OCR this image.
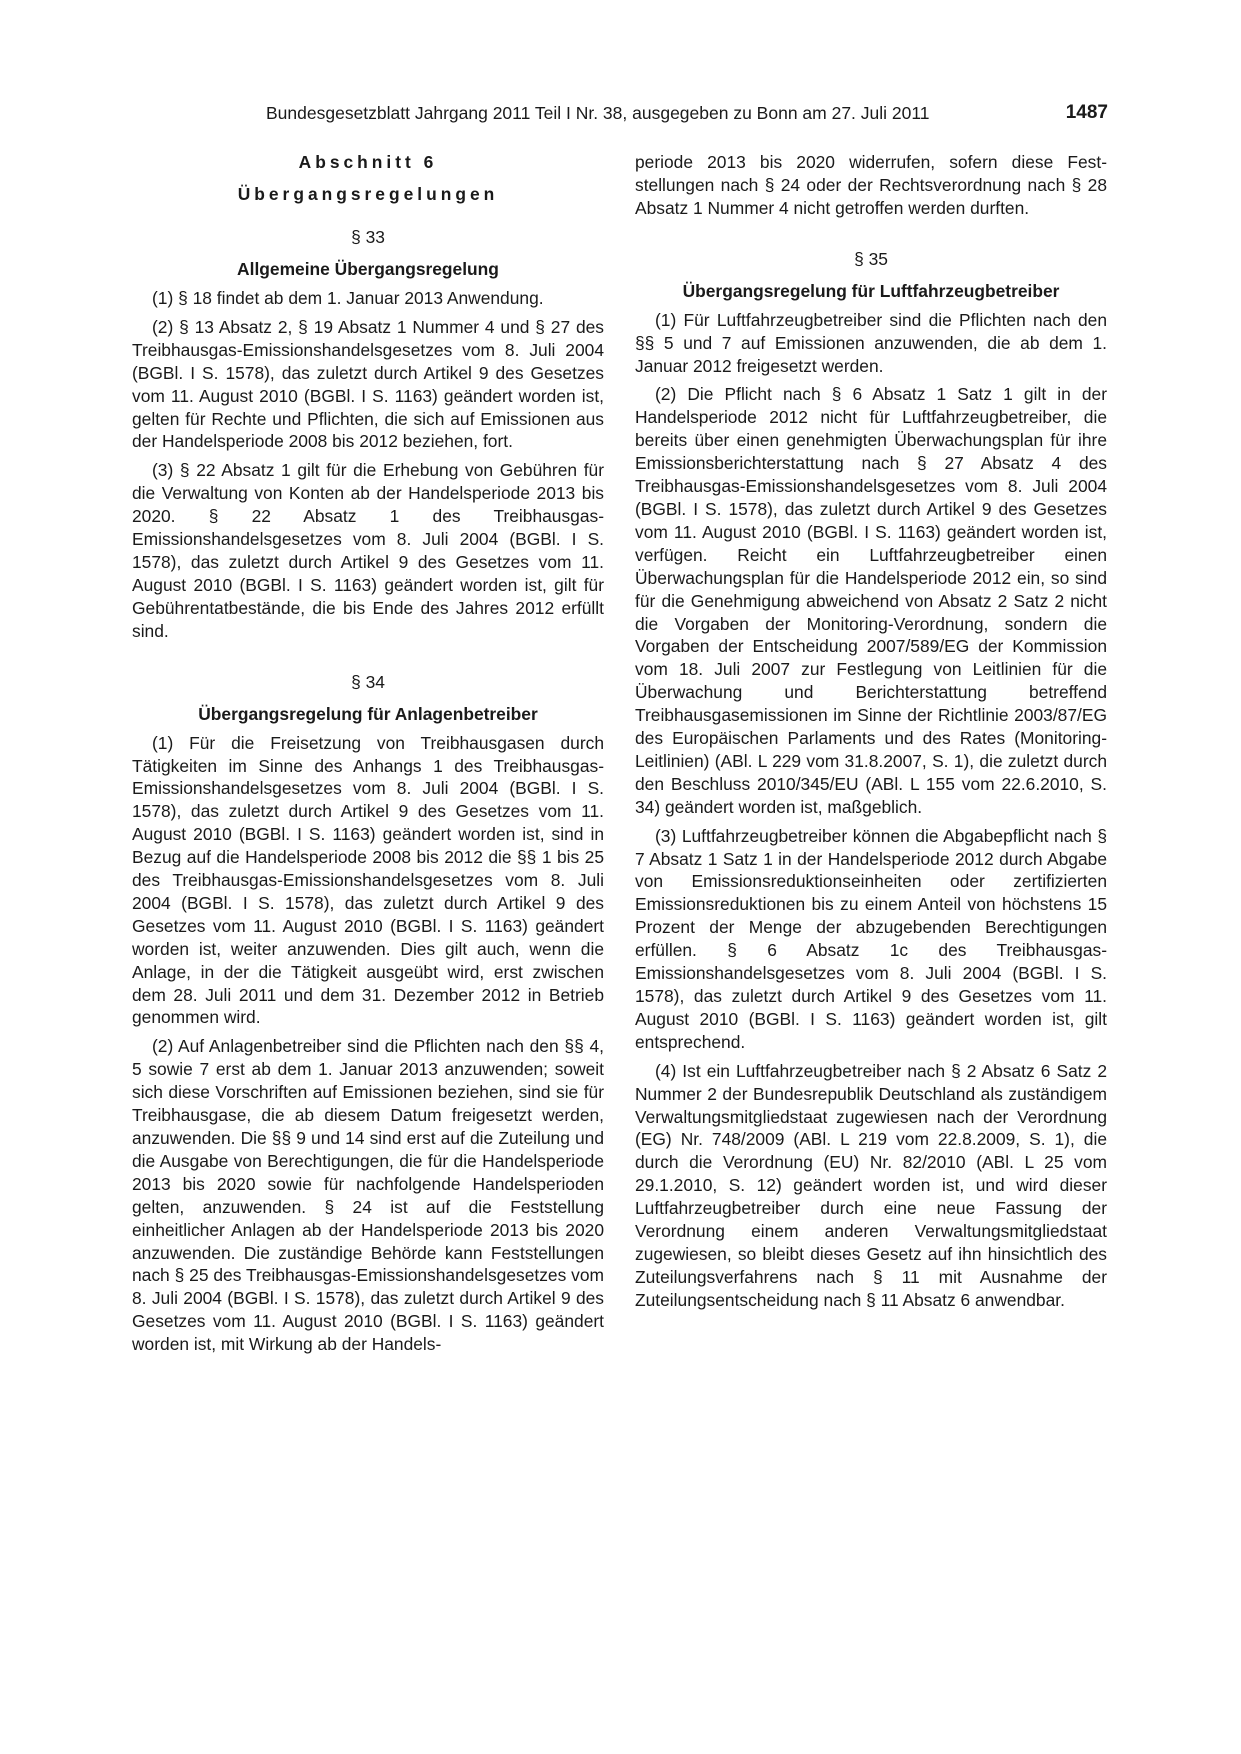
Bundesgesetzblatt Jahrgang 2011 Teil I Nr. 38, ausgegeben zu Bonn am 27. Juli 2011	1487
Abschnitt 6
Übergangsregelungen
§ 33
Allgemeine Übergangsregelung

(1) § 18 findet ab dem 1. Januar 2013 Anwendung.

(2) § 13 Absatz 2, § 19 Absatz 1 Nummer 4 und § 27 des Treibhausgas-Emissionshandelsgesetzes vom 8. Juli 2004 (BGBl. I S. 1578), das zuletzt durch Artikel 9 des Gesetzes vom 11. August 2010 (BGBl. I S. 1163) geändert worden ist, gelten für Rechte und Pflichten, die sich auf Emissionen aus der Handelsperiode 2008 bis 2012 beziehen, fort.

(3) § 22 Absatz 1 gilt für die Erhebung von Gebühren für die Verwaltung von Konten ab der Handelsperiode 2013 bis 2020. § 22 Absatz 1 des Treibhausgas-Emissionshandelsgesetzes vom 8. Juli 2004 (BGBl. I S. 1578), das zuletzt durch Artikel 9 des Gesetzes vom 11. August 2010 (BGBl. I S. 1163) geändert worden ist, gilt für Gebührentatbestände, die bis Ende des Jahres 2012 erfüllt sind.

§ 34
Übergangsregelung für Anlagenbetreiber

(1) Für die Freisetzung von Treibhausgasen durch Tätigkeiten im Sinne des Anhangs 1 des Treibhausgas-Emissionshandelsgesetzes vom 8. Juli 2004 (BGBl. I S. 1578), das zuletzt durch Artikel 9 des Gesetzes vom 11. August 2010 (BGBl. I S. 1163) geändert worden ist, sind in Bezug auf die Handelsperiode 2008 bis 2012 die §§ 1 bis 25 des Treibhausgas-Emissionshandelsgesetzes vom 8. Juli 2004 (BGBl. I S. 1578), das zuletzt durch Artikel 9 des Gesetzes vom 11. August 2010 (BGBl. I S. 1163) geändert worden ist, weiter anzuwenden. Dies gilt auch, wenn die Anlage, in der die Tätigkeit ausgeübt wird, erst zwischen dem 28. Juli 2011 und dem 31. Dezember 2012 in Betrieb genommen wird.

(2) Auf Anlagenbetreiber sind die Pflichten nach den §§ 4, 5 sowie 7 erst ab dem 1. Januar 2013 anzuwenden; soweit sich diese Vorschriften auf Emissionen beziehen, sind sie für Treibhausgase, die ab diesem Datum freigesetzt werden, anzuwenden. Die §§ 9 und 14 sind erst auf die Zuteilung und die Ausgabe von Berechtigungen, die für die Handelsperiode 2013 bis 2020 sowie für nachfolgende Handelsperioden gelten, anzuwenden. § 24 ist auf die Feststellung einheitlicher Anlagen ab der Handelsperiode 2013 bis 2020 anzuwenden. Die zuständige Behörde kann Feststellungen nach § 25 des Treibhausgas-Emissionshandelsgesetzes vom 8. Juli 2004 (BGBl. I S. 1578), das zuletzt durch Artikel 9 des Gesetzes vom 11. August 2010 (BGBl. I S. 1163) geändert worden ist, mit Wirkung ab der Handels-

periode 2013 bis 2020 widerrufen, sofern diese Feststellungen nach § 24 oder der Rechtsverordnung nach § 28 Absatz 1 Nummer 4 nicht getroffen werden durften.

§ 35
Übergangsregelung für Luftfahrzeugbetreiber

(1) Für Luftfahrzeugbetreiber sind die Pflichten nach den §§ 5 und 7 auf Emissionen anzuwenden, die ab dem 1. Januar 2012 freigesetzt werden.

(2) Die Pflicht nach § 6 Absatz 1 Satz 1 gilt in der Handelsperiode 2012 nicht für Luftfahrzeugbetreiber, die bereits über einen genehmigten Überwachungsplan für ihre Emissionsberichterstattung nach § 27 Absatz 4 des Treibhausgas-Emissionshandelsgesetzes vom 8. Juli 2004 (BGBl. I S. 1578), das zuletzt durch Artikel 9 des Gesetzes vom 11. August 2010 (BGBl. I S. 1163) geändert worden ist, verfügen. Reicht ein Luftfahrzeugbetreiber einen Überwachungsplan für die Handelsperiode 2012 ein, so sind für die Genehmigung abweichend von Absatz 2 Satz 2 nicht die Vorgaben der Monitoring-Verordnung, sondern die Vorgaben der Entscheidung 2007/589/EG der Kommission vom 18. Juli 2007 zur Festlegung von Leitlinien für die Überwachung und Berichterstattung betreffend Treibhausgasemissionen im Sinne der Richtlinie 2003/87/EG des Europäischen Parlaments und des Rates (Monitoring-Leitlinien) (ABl. L 229 vom 31.8.2007, S. 1), die zuletzt durch den Beschluss 2010/345/EU (ABl. L 155 vom 22.6.2010, S. 34) geändert worden ist, maßgeblich.

(3) Luftfahrzeugbetreiber können die Abgabepflicht nach § 7 Absatz 1 Satz 1 in der Handelsperiode 2012 durch Abgabe von Emissionsreduktionseinheiten oder zertifizierten Emissionsreduktionen bis zu einem Anteil von höchstens 15 Prozent der Menge der abzugebenden Berechtigungen erfüllen. § 6 Absatz 1c des Treibhausgas-Emissionshandelsgesetzes vom 8. Juli 2004 (BGBl. I S. 1578), das zuletzt durch Artikel 9 des Gesetzes vom 11. August 2010 (BGBl. I S. 1163) geändert worden ist, gilt entsprechend.

(4) Ist ein Luftfahrzeugbetreiber nach § 2 Absatz 6 Satz 2 Nummer 2 der Bundesrepublik Deutschland als zuständigem Verwaltungsmitgliedstaat zugewiesen nach der Verordnung (EG) Nr. 748/2009 (ABl. L 219 vom 22.8.2009, S. 1), die durch die Verordnung (EU) Nr. 82/2010 (ABl. L 25 vom 29.1.2010, S. 12) geändert worden ist, und wird dieser Luftfahrzeugbetreiber durch eine neue Fassung der Verordnung einem anderen Verwaltungsmitgliedstaat zugewiesen, so bleibt dieses Gesetz auf ihn hinsichtlich des Zuteilungsverfahrens nach § 11 mit Ausnahme der Zuteilungsentscheidung nach § 11 Absatz 6 anwendbar.
